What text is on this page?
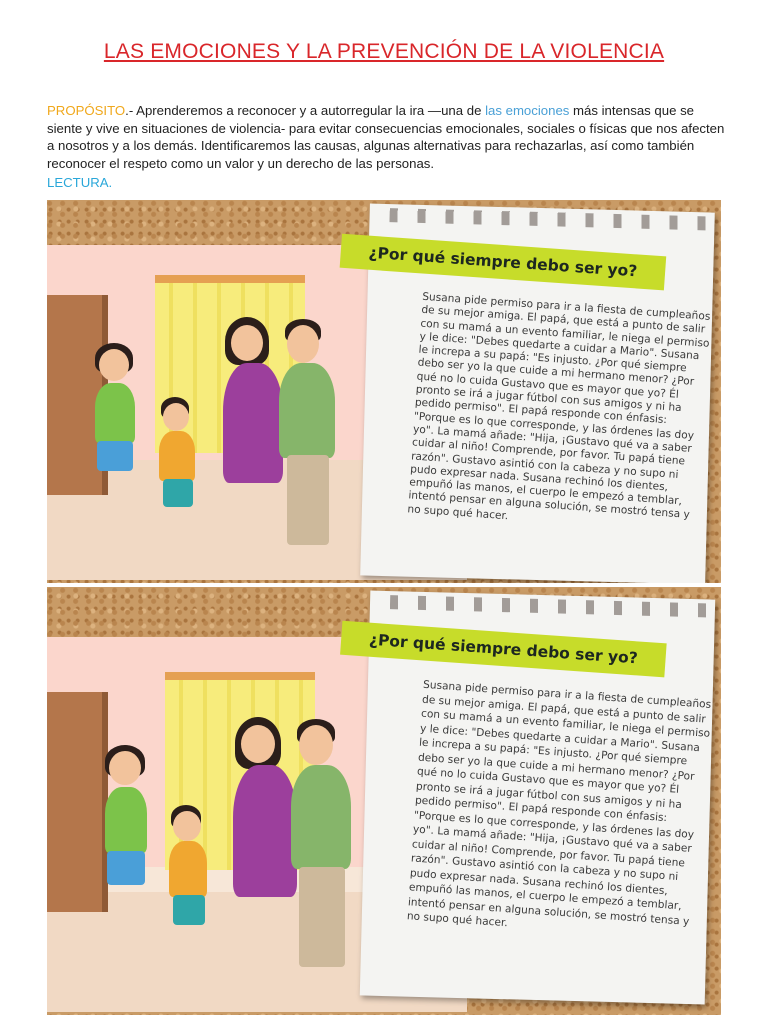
LAS EMOCIONES Y LA PREVENCIÓN DE LA VIOLENCIA
PROPÓSITO.- Aprenderemos a reconocer y a autorregular la ira —una de las emociones más intensas que se siente y vive en situaciones de violencia- para evitar consecuencias emocionales, sociales o físicas que nos afecten a nosotros y a los demás. Identificaremos las causas, algunas alternativas para rechazarlas, así como también reconocer el respeto como un valor y un derecho de las personas.
LECTURA.
¿Por qué siempre debo ser yo?
Susana pide permiso para ir a la fiesta de cumpleaños de su mejor amiga. El papá, que está a punto de salir con su mamá a un evento familiar, le niega el permiso y le dice: "Debes quedarte a cuidar a Mario". Susana le increpa a su papá: "Es injusto. ¿Por qué siempre debo ser yo la que cuide a mi hermano menor? ¿Por qué no lo cuida Gustavo que es mayor que yo? Él pronto se irá a jugar fútbol con sus amigos y ni ha pedido permiso". El papá responde con énfasis: "Porque es lo que corresponde, y las órdenes las doy yo". La mamá añade: "Hija, ¡Gustavo qué va a saber cuidar al niño! Comprende, por favor. Tu papá tiene razón". Gustavo asintió con la cabeza y no supo ni pudo expresar nada. Susana rechinó los dientes, empuñó las manos, el cuerpo le empezó a temblar, intentó pensar en alguna solución, se mostró tensa y no supo qué hacer.
¿Por qué siempre debo ser yo?
Susana pide permiso para ir a la fiesta de cumpleaños de su mejor amiga. El papá, que está a punto de salir con su mamá a un evento familiar, le niega el permiso y le dice: "Debes quedarte a cuidar a Mario". Susana le increpa a su papá: "Es injusto. ¿Por qué siempre debo ser yo la que cuide a mi hermano menor? ¿Por qué no lo cuida Gustavo que es mayor que yo? Él pronto se irá a jugar fútbol con sus amigos y ni ha pedido permiso". El papá responde con énfasis: "Porque es lo que corresponde, y las órdenes las doy yo". La mamá añade: "Hija, ¡Gustavo qué va a saber cuidar al niño! Comprende, por favor. Tu papá tiene razón". Gustavo asintió con la cabeza y no supo ni pudo expresar nada. Susana rechinó los dientes, empuñó las manos, el cuerpo le empezó a temblar, intentó pensar en alguna solución, se mostró tensa y no supo qué hacer.
